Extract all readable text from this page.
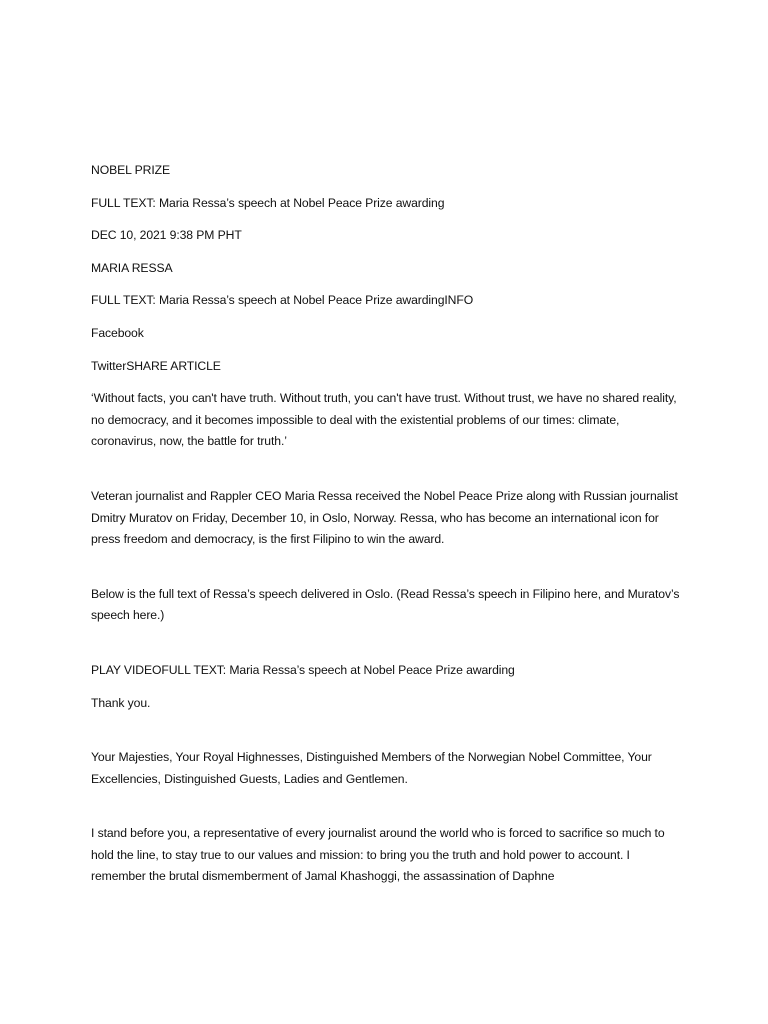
NOBEL PRIZE

FULL TEXT: Maria Ressa’s speech at Nobel Peace Prize awarding

DEC 10, 2021 9:38 PM PHT

MARIA RESSA

FULL TEXT: Maria Ressa’s speech at Nobel Peace Prize awardingINFO

Facebook

TwitterSHARE ARTICLE

‘Without facts, you can't have truth. Without truth, you can't have trust. Without trust, we have no shared reality, no democracy, and it becomes impossible to deal with the existential problems of our times: climate, coronavirus, now, the battle for truth.’

Veteran journalist and Rappler CEO Maria Ressa received the Nobel Peace Prize along with Russian journalist Dmitry Muratov on Friday, December 10, in Oslo, Norway. Ressa, who has become an international icon for press freedom and democracy, is the first Filipino to win the award.

Below is the full text of Ressa’s speech delivered in Oslo. (Read Ressa’s speech in Filipino here, and Muratov’s speech here.)

PLAY VIDEOFULL TEXT: Maria Ressa’s speech at Nobel Peace Prize awarding

Thank you.

Your Majesties, Your Royal Highnesses, Distinguished Members of the Norwegian Nobel Committee, Your Excellencies, Distinguished Guests, Ladies and Gentlemen.

I stand before you, a representative of every journalist around the world who is forced to sacrifice so much to hold the line, to stay true to our values and mission: to bring you the truth and hold power to account. I remember the brutal dismemberment of Jamal Khashoggi, the assassination of Daphne
